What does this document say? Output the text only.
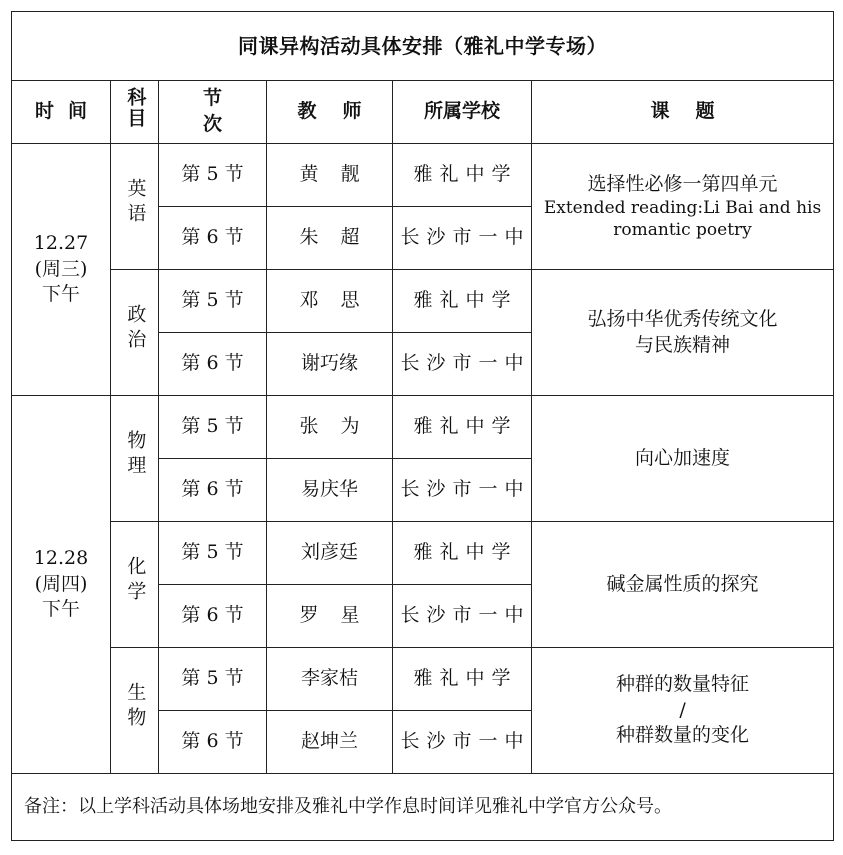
同课异构活动具体安排（雅礼中学专场）					
时间	科目	节次	教师	所属学校	课题
12.27
(周三)
下午	英语	第 5 节	黄靓	雅礼中学	选择性必修一第四单元

Extended reading:Li Bai and his romantic poetry

		第 6 节	朱超	长沙市一中	
	政治	第 5 节	邓思	雅礼中学	弘扬中华优秀传统文化
与民族精神
		第 6 节	谢巧缘	长沙市一中	
12.28
(周四)
下午	物理	第 5 节	张为	雅礼中学	向心加速度
		第 6 节	易庆华	长沙市一中	
	化学	第 5 节	刘彦廷	雅礼中学	碱金属性质的探究
		第 6 节	罗星	长沙市一中	
	生物	第 5 节	李家桔	雅礼中学	种群的数量特征
/
种群数量的变化
		第 6 节	赵坤兰	长沙市一中	
备注：以上学科活动具体场地安排及雅礼中学作息时间详见雅礼中学官方公众号。					
